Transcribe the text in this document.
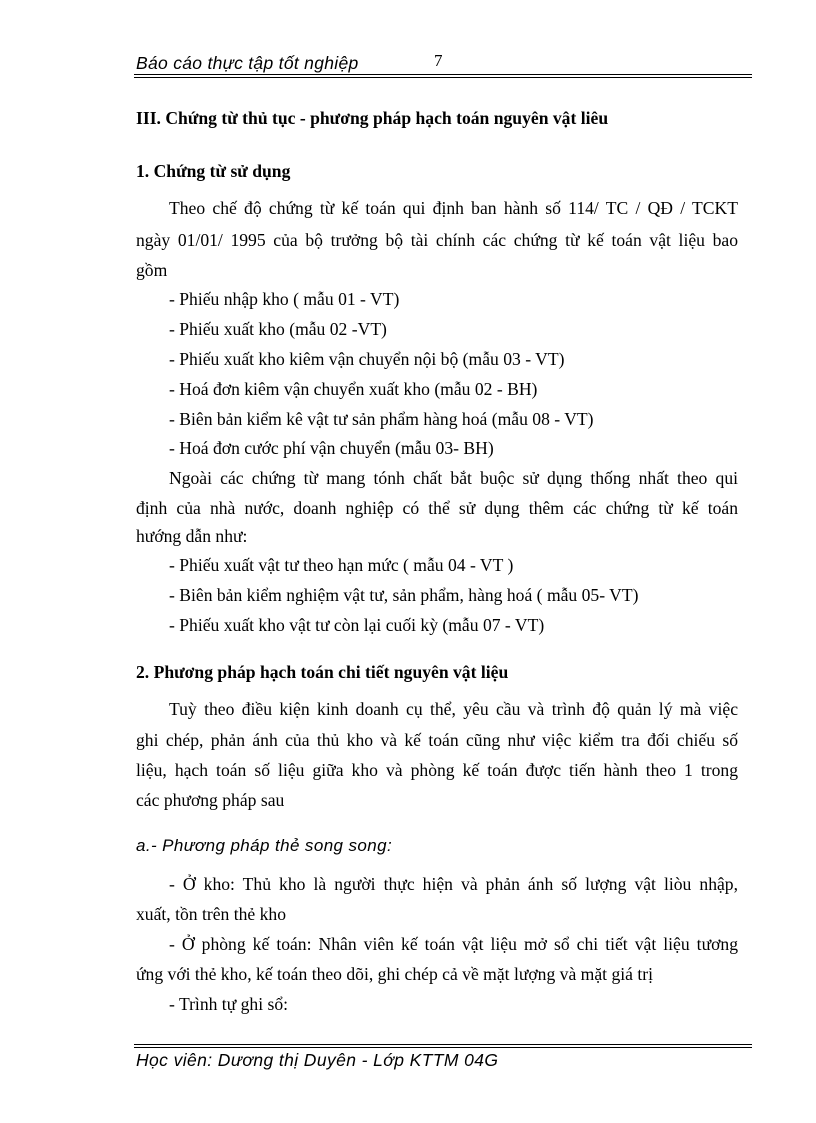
Báo cáo thực tập tốt nghiệp	7
III. Chứng từ thủ tục - phương pháp hạch toán nguyên vật liêu
1. Chứng từ sử dụng
Theo chế độ chứng từ kế toán qui định ban hành số 114/ TC / QĐ / TCKT
ngày 01/01/ 1995 của bộ trưởng bộ tài chính các chứng từ kế toán vật liệu bao
gồm
- Phiếu nhập kho ( mẫu 01 - VT)
- Phiếu xuất kho (mẫu 02 -VT)
- Phiếu xuất kho kiêm vận chuyển nội bộ (mẫu 03 - VT)
- Hoá đơn kiêm vận chuyển xuất kho (mẫu 02 - BH)
- Biên bản kiểm kê vật tư sản phẩm hàng hoá (mẫu 08 - VT)
- Hoá đơn cước phí vận chuyển (mẫu 03- BH)
Ngoài các chứng từ mang tónh chất bắt buộc sử dụng thống nhất theo qui
định của nhà nước, doanh nghiệp có thể sử dụng thêm các chứng từ kế toán
hướng dẫn như:
- Phiếu xuất vật tư theo hạn mức ( mẫu 04 - VT )
- Biên bản kiểm nghiệm vật tư, sản phẩm, hàng hoá ( mẫu 05- VT)
- Phiếu xuất kho vật tư còn lại cuối kỳ (mẫu 07 - VT)
2. Phương pháp hạch toán chi tiết nguyên vật liệu
Tuỳ theo điều kiện kinh doanh cụ thể, yêu cầu và trình độ quản lý mà việc
ghi chép, phản ánh của thủ kho và kế toán cũng như việc kiểm tra đối chiếu số
liệu, hạch toán số liệu giữa kho và phòng kế toán được tiến hành theo 1 trong
các phương pháp sau
a.- Phương pháp thẻ song song:
- Ở kho: Thủ kho là người thực hiện và phản ánh số lượng vật liòu nhập,
xuất, tồn trên thẻ kho
- Ở phòng kế toán: Nhân viên kế toán vật liệu mở sổ chi tiết vật liệu tương
ứng với thẻ kho, kế toán theo dõi, ghi chép cả về mặt lượng và mặt giá trị
- Trình tự ghi sổ:
Học viên: Dương thị Duyên - Lớp KTTM 04G
